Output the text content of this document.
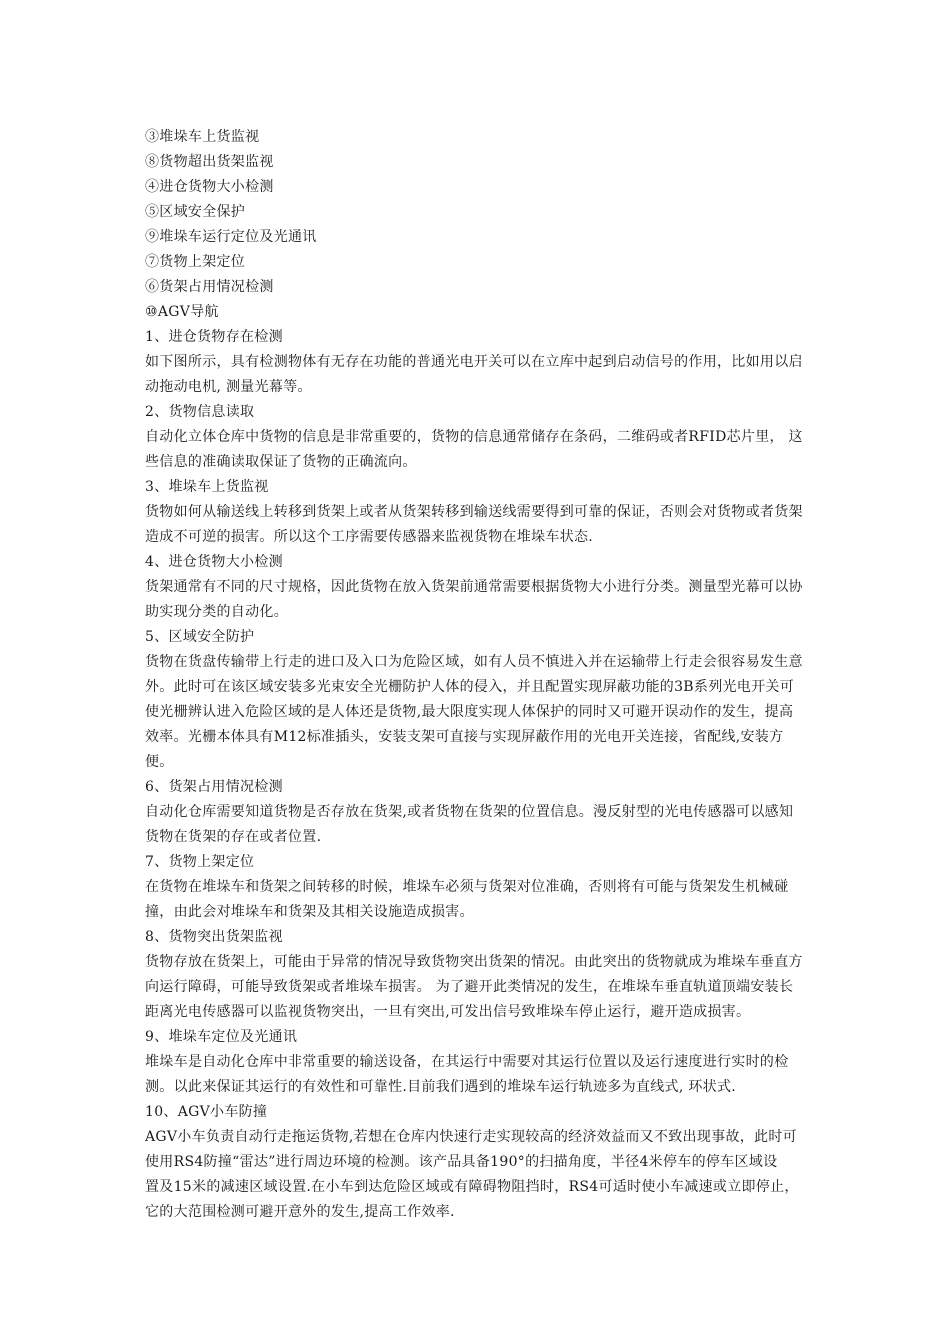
③堆垛车上货监视
⑧货物超出货架监视
④进仓货物大小检测
⑤区域安全保护
⑨堆垛车运行定位及光通讯
⑦货物上架定位
⑥货架占用情况检测
⑩AGV导航
1、进仓货物存在检测
如下图所示，具有检测物体有无存在功能的普通光电开关可以在立库中起到启动信号的作用，比如用以启
动拖动电机, 测量光幕等。
2、货物信息读取
自动化立体仓库中货物的信息是非常重要的，货物的信息通常储存在条码，二维码或者RFID芯片里， 这
些信息的准确读取保证了货物的正确流向。
3、堆垛车上货监视
货物如何从输送线上转移到货架上或者从货架转移到输送线需要得到可靠的保证，否则会对货物或者货架
造成不可逆的损害。所以这个工序需要传感器来监视货物在堆垛车状态.
4、进仓货物大小检测
货架通常有不同的尺寸规格，因此货物在放入货架前通常需要根据货物大小进行分类。测量型光幕可以协
助实现分类的自动化。
5、区域安全防护
货物在货盘传输带上行走的进口及入口为危险区域，如有人员不慎进入并在运输带上行走会很容易发生意
外。此时可在该区域安装多光束安全光栅防护人体的侵入，并且配置实现屏蔽功能的3B系列光电开关可
使光栅辨认进入危险区域的是人体还是货物,最大限度实现人体保护的同时又可避开误动作的发生，提高
效率。光栅本体具有M12标准插头，安装支架可直接与实现屏蔽作用的光电开关连接，省配线,安装方
便。
6、货架占用情况检测
自动化仓库需要知道货物是否存放在货架,或者货物在货架的位置信息。漫反射型的光电传感器可以感知
货物在货架的存在或者位置.
7、货物上架定位
在货物在堆垛车和货架之间转移的时候，堆垛车必须与货架对位准确，否则将有可能与货架发生机械碰
撞，由此会对堆垛车和货架及其相关设施造成损害。
8、货物突出货架监视
货物存放在货架上，可能由于异常的情况导致货物突出货架的情况。由此突出的货物就成为堆垛车垂直方
向运行障碍，可能导致货架或者堆垛车损害。 为了避开此类情况的发生，在堆垛车垂直轨道顶端安装长
距离光电传感器可以监视货物突出，一旦有突出,可发出信号致堆垛车停止运行，避开造成损害。
9、堆垛车定位及光通讯
堆垛车是自动化仓库中非常重要的输送设备，在其运行中需要对其运行位置以及运行速度进行实时的检
测。以此来保证其运行的有效性和可靠性.目前我们遇到的堆垛车运行轨迹多为直线式, 环状式.
10、AGV小车防撞
AGV小车负责自动行走拖运货物,若想在仓库内快速行走实现较高的经济效益而又不致出现事故，此时可
使用RS4防撞“雷达”进行周边环境的检测。该产品具备190°的扫描角度，半径4米停车的停车区域设
置及15米的减速区域设置.在小车到达危险区域或有障碍物阻挡时，RS4可适时使小车减速或立即停止，
它的大范围检测可避开意外的发生,提高工作效率.
